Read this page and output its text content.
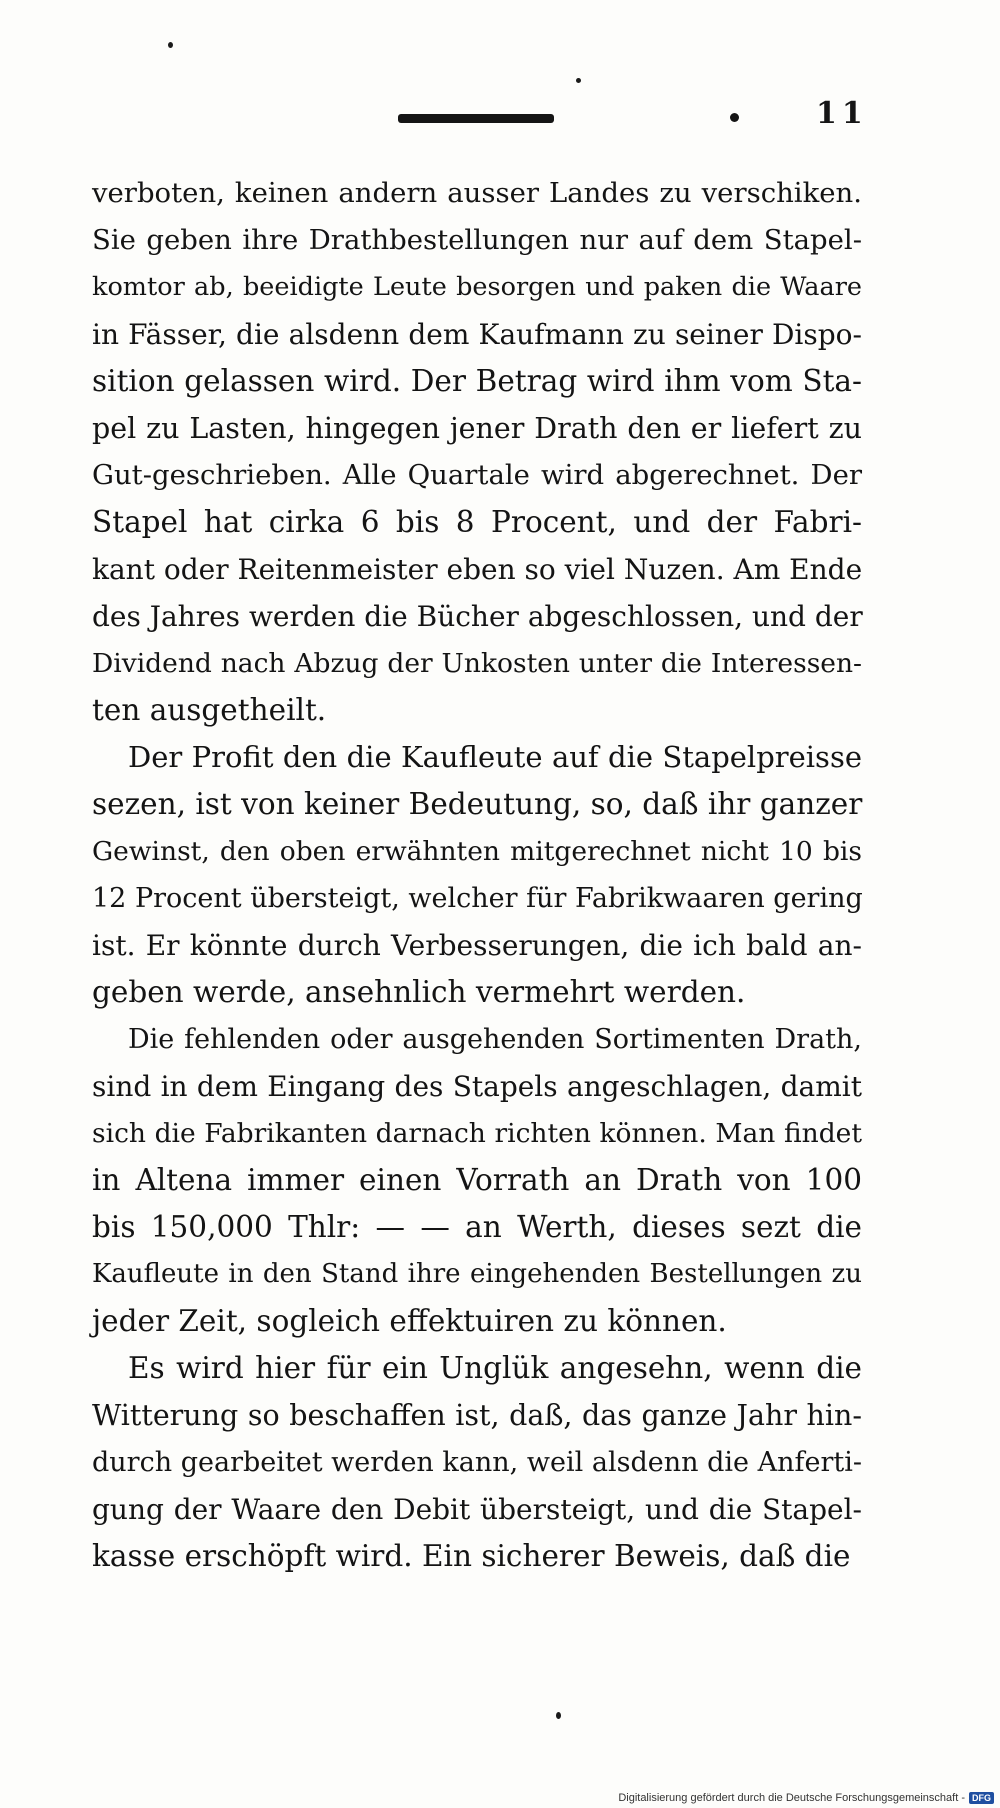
11
verboten, keinen andern ausser Landes zu verschiken.
Sie geben ihre Drathbestellungen nur auf dem Stapel-
komtor ab, beeidigte Leute besorgen und paken die Waare
in Fässer, die alsdenn dem Kaufmann zu seiner Dispo-
sition gelassen wird. Der Betrag wird ihm vom Sta-
pel zu Lasten, hingegen jener Drath den er liefert zu
Gut-geschrieben. Alle Quartale wird abgerechnet. Der
Stapel hat cirka 6 bis 8 Procent, und der Fabri-
kant oder Reitenmeister eben so viel Nuzen. Am Ende
des Jahres werden die Bücher abgeschlossen, und der
Dividend nach Abzug der Unkosten unter die Interessen-
ten ausgetheilt.
Der Profit den die Kaufleute auf die Stapelpreisse
sezen, ist von keiner Bedeutung, so, daß ihr ganzer
Gewinst, den oben erwähnten mitgerechnet nicht 10 bis
12 Procent übersteigt, welcher für Fabrikwaaren gering
ist. Er könnte durch Verbesserungen, die ich bald an-
geben werde, ansehnlich vermehrt werden.
Die fehlenden oder ausgehenden Sortimenten Drath,
sind in dem Eingang des Stapels angeschlagen, damit
sich die Fabrikanten darnach richten können. Man findet
in Altena immer einen Vorrath an Drath von 100
bis 150,000 Thlr: — — an Werth, dieses sezt die
Kaufleute in den Stand ihre eingehenden Bestellungen zu
jeder Zeit, sogleich effektuiren zu können.
Es wird hier für ein Unglük angesehn, wenn die
Witterung so beschaffen ist, daß, das ganze Jahr hin-
durch gearbeitet werden kann, weil alsdenn die Anferti-
gung der Waare den Debit übersteigt, und die Stapel-
kasse erschöpft wird. Ein sicherer Beweis, daß die
Digitalisierung gefördert durch die Deutsche Forschungsgemeinschaft - DFG
